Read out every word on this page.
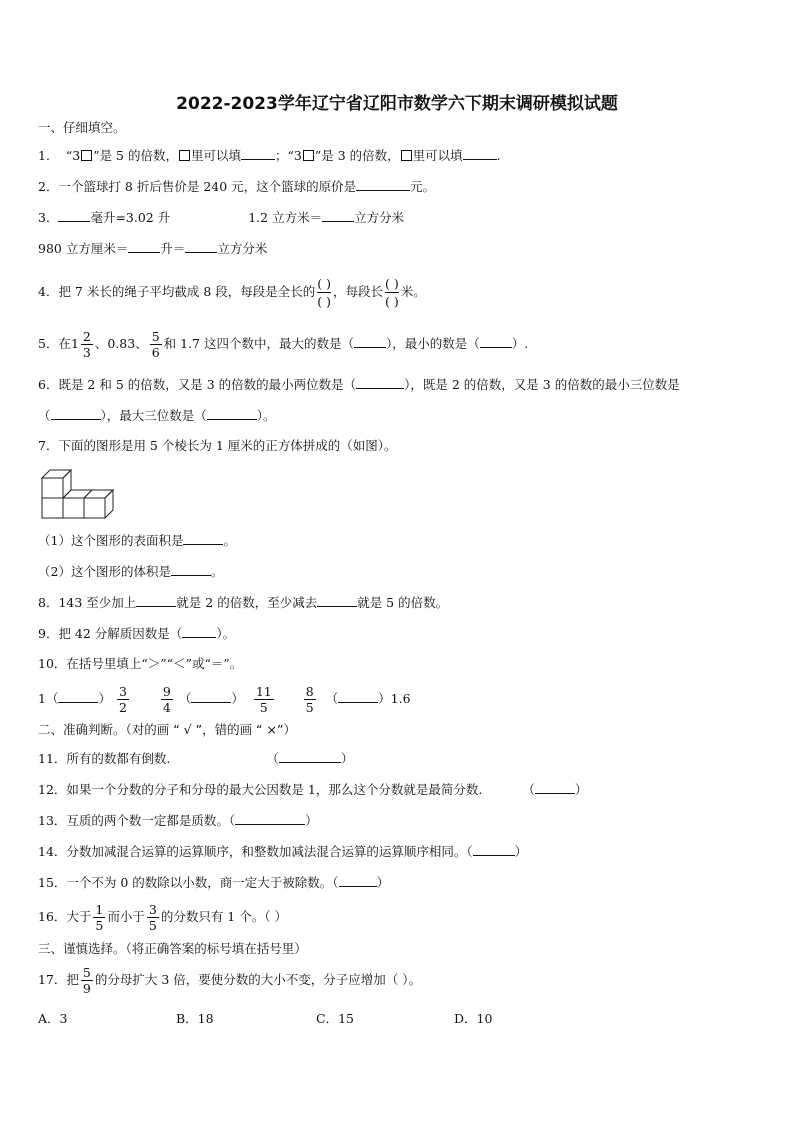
2022-2023学年辽宁省辽阳市数学六下期末调研模拟试题
一、仔细填空。
1. “3 ”是 5 的倍数， 里可以填	；“3 ”是 3 的倍数， 里可以填	.
2．一个篮球打 8 折后售价是 240 元，这个篮球的原价是	元。
3．	毫升=3.02 升	1.2 立方米＝	立方分米
980 立方厘米＝	升＝	立方分米
4．把 7 米长的绳子平均截成 8 段，每段是全长的
( )
( )
，每段长
( )
( )
米。
5．在$1 \frac{2}{3}$ 、0.83、 $\frac{5}{6}$ 和 1.7 这四个数中，最大的数是（	），最小的数是（	）.
6．既是 2 和 5 的倍数，又是 3 的倍数的最小两位数是（	），既是 2 的倍数，又是 3 的倍数的最小三位数是
（	），最大三位数是（	）。
7．下面的图形是用 5 个棱长为 1 厘米的正方体拼成的（如图）。
（1）这个图形的表面积是	。
（2）这个图形的体积是	。
8．143 至少加上	就是 2 的倍数，至少减去	就是 5 的倍数。
9．把 42 分解质因数是（	）。
10．在括号里填上“＞”“＜”或“＝”。
1（	） $\frac{3}{2}$	$\frac{9}{4}$ （	） $\frac{11}{5} \frac{8}{5}$ （	）1.6
二、准确判断。（对的画 “ √ ”，错的画 “ ×”）
11．所有的数都有倒数.	（	）
12．如果一个分数的分子和分母的最大公因数是 1，那么这个分数就是最简分数.	（	）
13．互质的两个数一定都是质数。（	）
14．分数加减混合运算的运算顺序，和整数加减法混合运算的运算顺序相同。（	）
15．一个不为 0 的数除以小数，商一定大于被除数。（	）
16．大于 $\frac{1}{5}$ 而小于 $\frac{3}{5}$ 的分数只有 1 个。（ ）
三、谨慎选择。（将正确答案的标号填在括号里）
17．把 $\frac{5}{9}$ 的分母扩大 3 倍，要使分数的大小不变，分子应增加（ ）。
A．3	B．18	C．15	D．10
